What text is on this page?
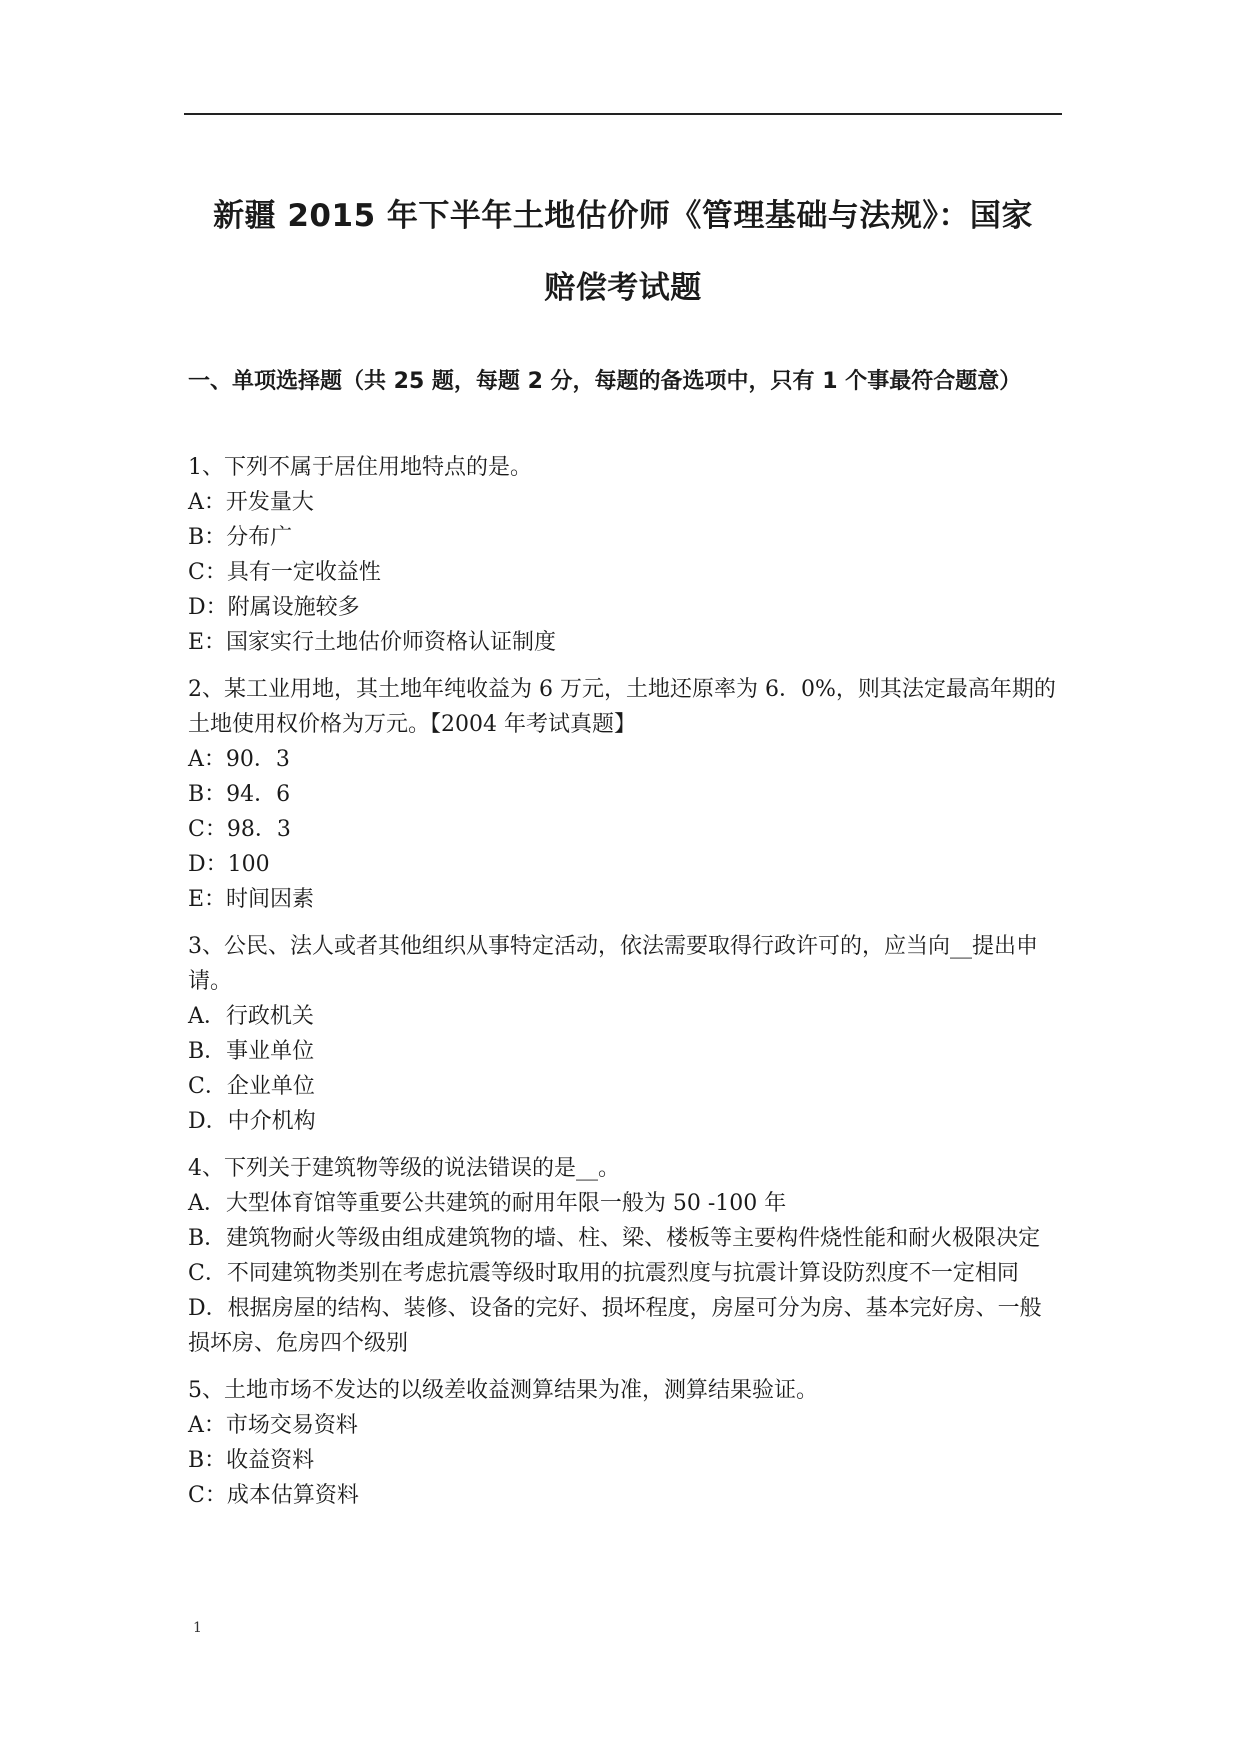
新疆 2015 年下半年土地估价师《管理基础与法规》：国家
赔偿考试题
一、单项选择题（共 25 题，每题 2 分，每题的备选项中，只有 1 个事最符合题意）
1、下列不属于居住用地特点的是。
A：开发量大
B：分布广
C：具有一定收益性
D：附属设施较多
E：国家实行土地估价师资格认证制度
2、某工业用地，其土地年纯收益为 6 万元，土地还原率为 6．0%，则其法定最高年期的土地使用权价格为万元。【2004 年考试真题】
A：90．3
B：94．6
C：98．3
D：100
E：时间因素
3、公民、法人或者其他组织从事特定活动，依法需要取得行政许可的，应当向__提出申请。
A．行政机关
B．事业单位
C．企业单位
D．中介机构
4、下列关于建筑物等级的说法错误的是__。
A．大型体育馆等重要公共建筑的耐用年限一般为 50 -100 年
B．建筑物耐火等级由组成建筑物的墙、柱、梁、楼板等主要构件烧性能和耐火极限决定
C．不同建筑物类别在考虑抗震等级时取用的抗震烈度与抗震计算设防烈度不一定相同
D．根据房屋的结构、装修、设备的完好、损坏程度，房屋可分为房、基本完好房、一般损坏房、危房四个级别
5、土地市场不发达的以级差收益测算结果为准，测算结果验证。
A：市场交易资料
B：收益资料
C：成本估算资料
1
